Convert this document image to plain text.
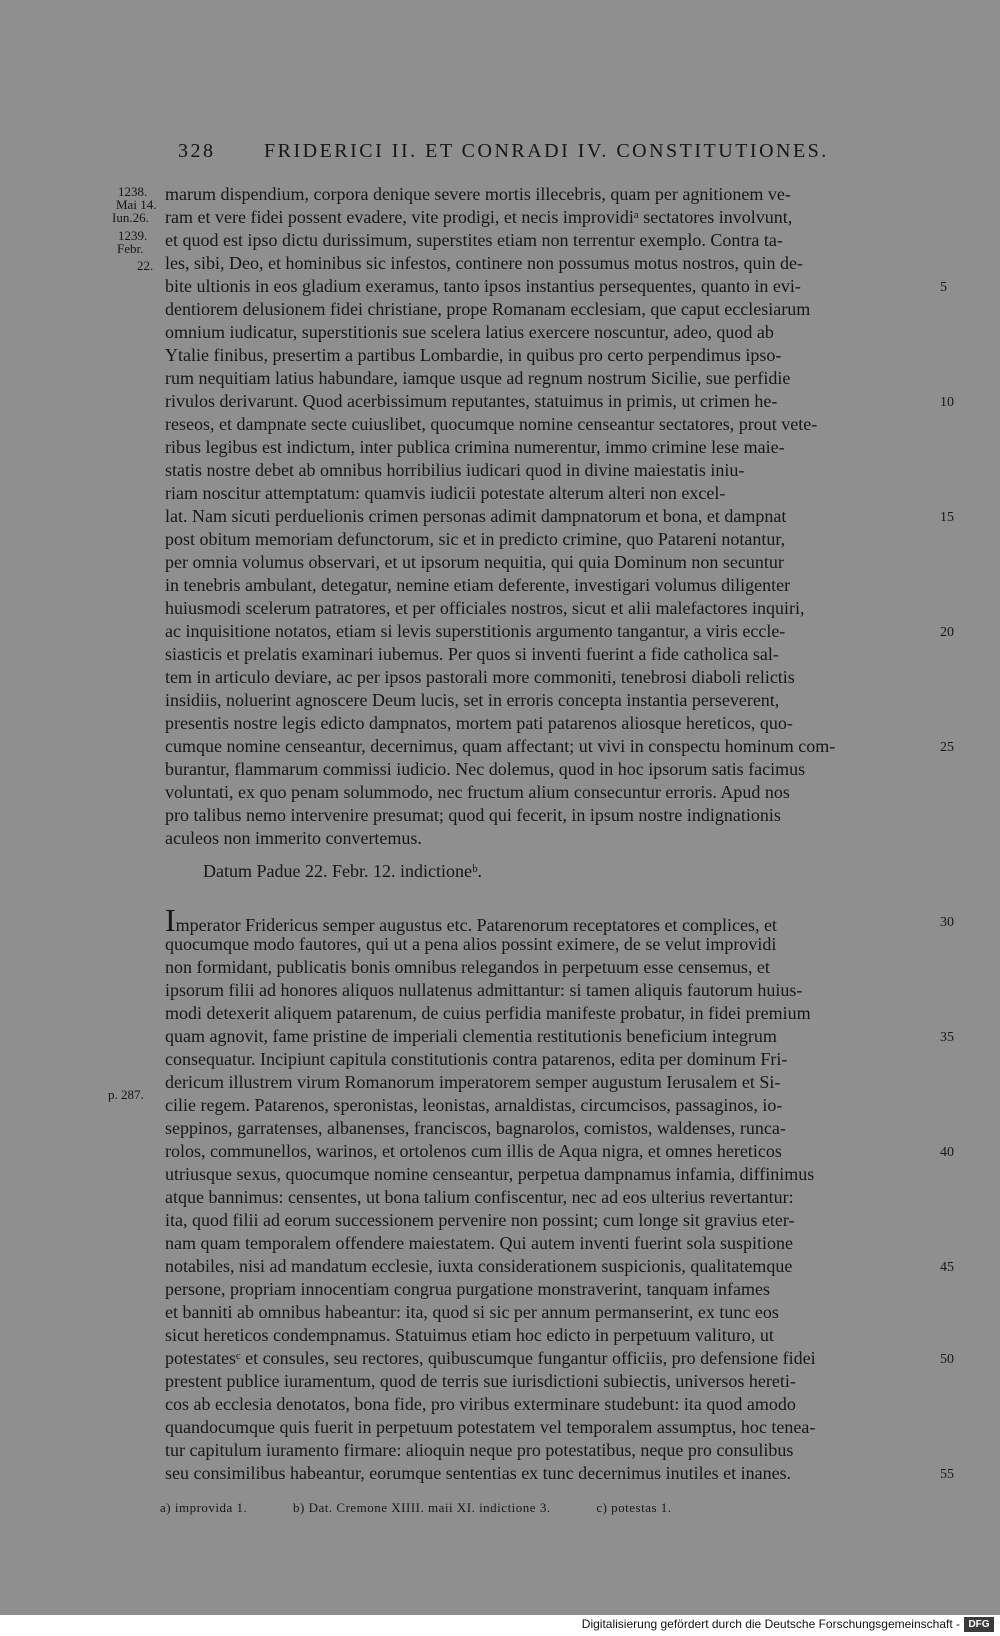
328 FRIDERICI II. ET CONRADI IV. CONSTITUTIONES.
1238.
Mai 14.
Iun.26.
1239.
Febr.
22.
p. 287.
marum dispendium, corpora denique severe mortis illecebris, quam per agnitionem ve-
ram et vere fidei possent evadere, vite prodigi, et necis improvidiᵃ sectatores involvunt,
et quod est ipso dictu durissimum, superstites etiam non terrentur exemplo. Contra ta-
les, sibi, Deo, et hominibus sic infestos, continere non possumus motus nostros, quin de-
bite ultionis in eos gladium exeramus, tanto ipsos instantius persequentes, quanto in evi-
dentiorem delusionem fidei christiane, prope Romanam ecclesiam, que caput ecclesiarum
omnium iudicatur, superstitionis sue scelera latius exercere noscuntur, adeo, quod ab
Ytalie finibus, presertim a partibus Lombardie, in quibus pro certo perpendimus ipso-
rum nequitiam latius habundare, iamque usque ad regnum nostrum Sicilie, sue perfidie
rivulos derivarunt. Quod acerbissimum reputantes, statuimus in primis, ut crimen he-
reseos, et dampnate secte cuiuslibet, quocumque nomine censeantur sectatores, prout vete-
ribus legibus est indictum, inter publica crimina numerentur, immo crimine lese maie-
statis nostre debet ab omnibus horribilius iudicari quod in divine maiestatis iniu-
riam noscitur attemptatum: quamvis iudicii potestate alterum alteri non excel-
lat. Nam sicuti perduelionis crimen personas adimit dampnatorum et bona, et dampnat
post obitum memoriam defunctorum, sic et in predicto crimine, quo Patareni notantur,
per omnia volumus observari, et ut ipsorum nequitia, qui quia Dominum non secuntur
in tenebris ambulant, detegatur, nemine etiam deferente, investigari volumus diligenter
huiusmodi scelerum patratores, et per officiales nostros, sicut et alii malefactores inquiri,
ac inquisitione notatos, etiam si levis superstitionis argumento tangantur, a viris eccle-
siasticis et prelatis examinari iubemus. Per quos si inventi fuerint a fide catholica sal-
tem in articulo deviare, ac per ipsos pastorali more commoniti, tenebrosi diaboli relictis
insidiis, noluerint agnoscere Deum lucis, set in erroris concepta instantia perseverent,
presentis nostre legis edicto dampnatos, mortem pati patarenos aliosque hereticos, quo-
cumque nomine censeantur, decernimus, quam affectant; ut vivi in conspectu hominum com-
burantur, flammarum commissi iudicio. Nec dolemus, quod in hoc ipsorum satis facimus
voluntati, ex quo penam solummodo, nec fructum alium consecuntur erroris. Apud nos
pro talibus nemo intervenire presumat; quod qui fecerit, in ipsum nostre indignationis
aculeos non immerito convertemus.
Datum Padue 22. Febr. 12. indictioneᵇ.
Imperator Fridericus semper augustus etc. Patarenorum receptatores et complices, et
quocumque modo fautores, qui ut a pena alios possint eximere, de se velut improvidi
non formidant, publicatis bonis omnibus relegandos in perpetuum esse censemus, et
ipsorum filii ad honores aliquos nullatenus admittantur: si tamen aliquis fautorum huius-
modi detexerit aliquem patarenum, de cuius perfidia manifeste probatur, in fidei premium
quam agnovit, fame pristine de imperiali clementia restitutionis beneficium integrum
consequatur. Incipiunt capitula constitutionis contra patarenos, edita per dominum Fri-
dericum illustrem virum Romanorum imperatorem semper augustum Ierusalem et Si-
cilie regem. Patarenos, speronistas, leonistas, arnaldistas, circumcisos, passaginos, io-
seppinos, garratenses, albanenses, franciscos, bagnarolos, comistos, waldenses, runca-
rolos, communellos, warinos, et ortolenos cum illis de Aqua nigra, et omnes hereticos
utriusque sexus, quocumque nomine censeantur, perpetua dampnamus infamia, diffinimus
atque bannimus: censentes, ut bona talium confiscentur, nec ad eos ulterius revertantur:
ita, quod filii ad eorum successionem pervenire non possint; cum longe sit gravius eter-
nam quam temporalem offendere maiestatem. Qui autem inventi fuerint sola suspitione
notabiles, nisi ad mandatum ecclesie, iuxta considerationem suspicionis, qualitatemque
persone, propriam innocentiam congrua purgatione monstraverint, tanquam infames
et banniti ab omnibus habeantur: ita, quod si sic per annum permanserint, ex tunc eos
sicut hereticos condempnamus. Statuimus etiam hoc edicto in perpetuum valituro, ut
potestatesᶜ et consules, seu rectores, quibuscumque fungantur officiis, pro defensione fidei
prestent publice iuramentum, quod de terris sue iurisdictioni subiectis, universos hereti-
cos ab ecclesia denotatos, bona fide, pro viribus exterminare studebunt: ita quod amodo
quandocumque quis fuerit in perpetuum potestatem vel temporalem assumptus, hoc tenea-
tur capitulum iuramento firmare: alioquin neque pro potestatibus, neque pro consulibus
seu consimilibus habeantur, eorumque sententias ex tunc decernimus inutiles et inanes.
5
10
15
20
25
30
35
40
45
50
55
a) improvida 1.	b) Dat. Cremone XIIII. maii XI. indictione 3.	c) potestas 1.
Digitalisierung gefördert durch die Deutsche Forschungsgemeinschaft - DFG
